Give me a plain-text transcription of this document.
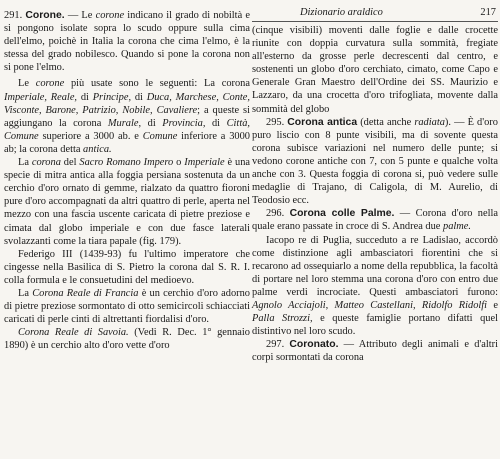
291. Corone. — Le corone indicano il grado di nobiltà e si pongono isolate sopra lo scudo oppure sulla cima dell'elmo, poichè in Italia la corona che cima l'elmo, è la stessa del grado nobilesco. Quando si pone la corona non si pone l'elmo.

Le corone più usate sono le seguenti: La corona Imperiale, Reale, di Principe, di Duca, Marchese, Conte, Visconte, Barone, Patrizio, Nobile, Cavaliere; a queste si aggiungano la corona Murale, di Provincia, di Città, Comune superiore a 3000 ab. e Comune inferiore a 3000 ab; la corona detta antica.

La corona del Sacro Romano Impero o Imperiale è una specie di mitra antica alla foggia persiana sostenuta da un cerchio d'oro ornato di gemme, rialzato da quattro fioroni pure d'oro accompagnati da altri quattro di perle, aperta nel mezzo con una fascia uscente caricata di pietre preziose e cimata dal globo imperiale e con due fasce laterali svolazzanti come la tiara papale (fig. 179).

Federigo III (1439-93) fu l'ultimo imperatore che cingesse nella Basilica di S. Pietro la corona dal S. R. I. colla formula e le consuetudini del medioevo.

La Corona Reale di Francia è un cerchio d'oro adorno di pietre preziose sormontato di otto semicircoli schiacciati caricati di perle cinti di altrettanti fiordalisi d'oro.

Corona Reale di Savoia. (Vedi R. Dec. 1° gennaio 1890) è un cerchio alto d'oro vette d'oro

Dizionario araldico	217

(cinque visibili) moventi dalle foglie e dalle crocette riunite con doppia curvatura sulla sommità, fregiate all'esterno da grosse perle decrescenti dal centro, e sostenenti un globo d'oro cerchiato, cimato, come Capo e Generale Gran Maestro dell'Ordine dei SS. Maurizio e Lazzaro, da una crocetta d'oro trifogliata, movente dalla sommità del globo

295. Corona antica (detta anche radiata). — È d'oro puro liscio con 8 punte visibili, ma di sovente questa corona subisce variazioni nel numero delle punte; si vedono corone antiche con 7, con 5 punte e qualche volta anche con 3. Questa foggia di corona si, può vedere sulle medaglie di Trajano, di Caligola, di M. Aurelio, di Teodosio ecc.

296. Corona colle Palme. — Corona d'oro nella quale erano passate in croce di S. Andrea due palme.

Iacopo re di Puglia, succeduto a re Ladislao, accordò come distinzione agli ambasciatori fiorentini che si recarono ad ossequiarlo a nome della repubblica, la facoltà di portare nel loro stemma una corona d'oro con entro due palme verdi incrociate. Questi ambasciatori furono: Agnolo Acciajoli, Matteo Castellani, Ridolfo Ridolfi e Palla Strozzi, e queste famiglie portano difatti quel distintivo nel loro scudo.

297. Coronato. — Attributo degli animali e d'altri corpi sormontati da corona
